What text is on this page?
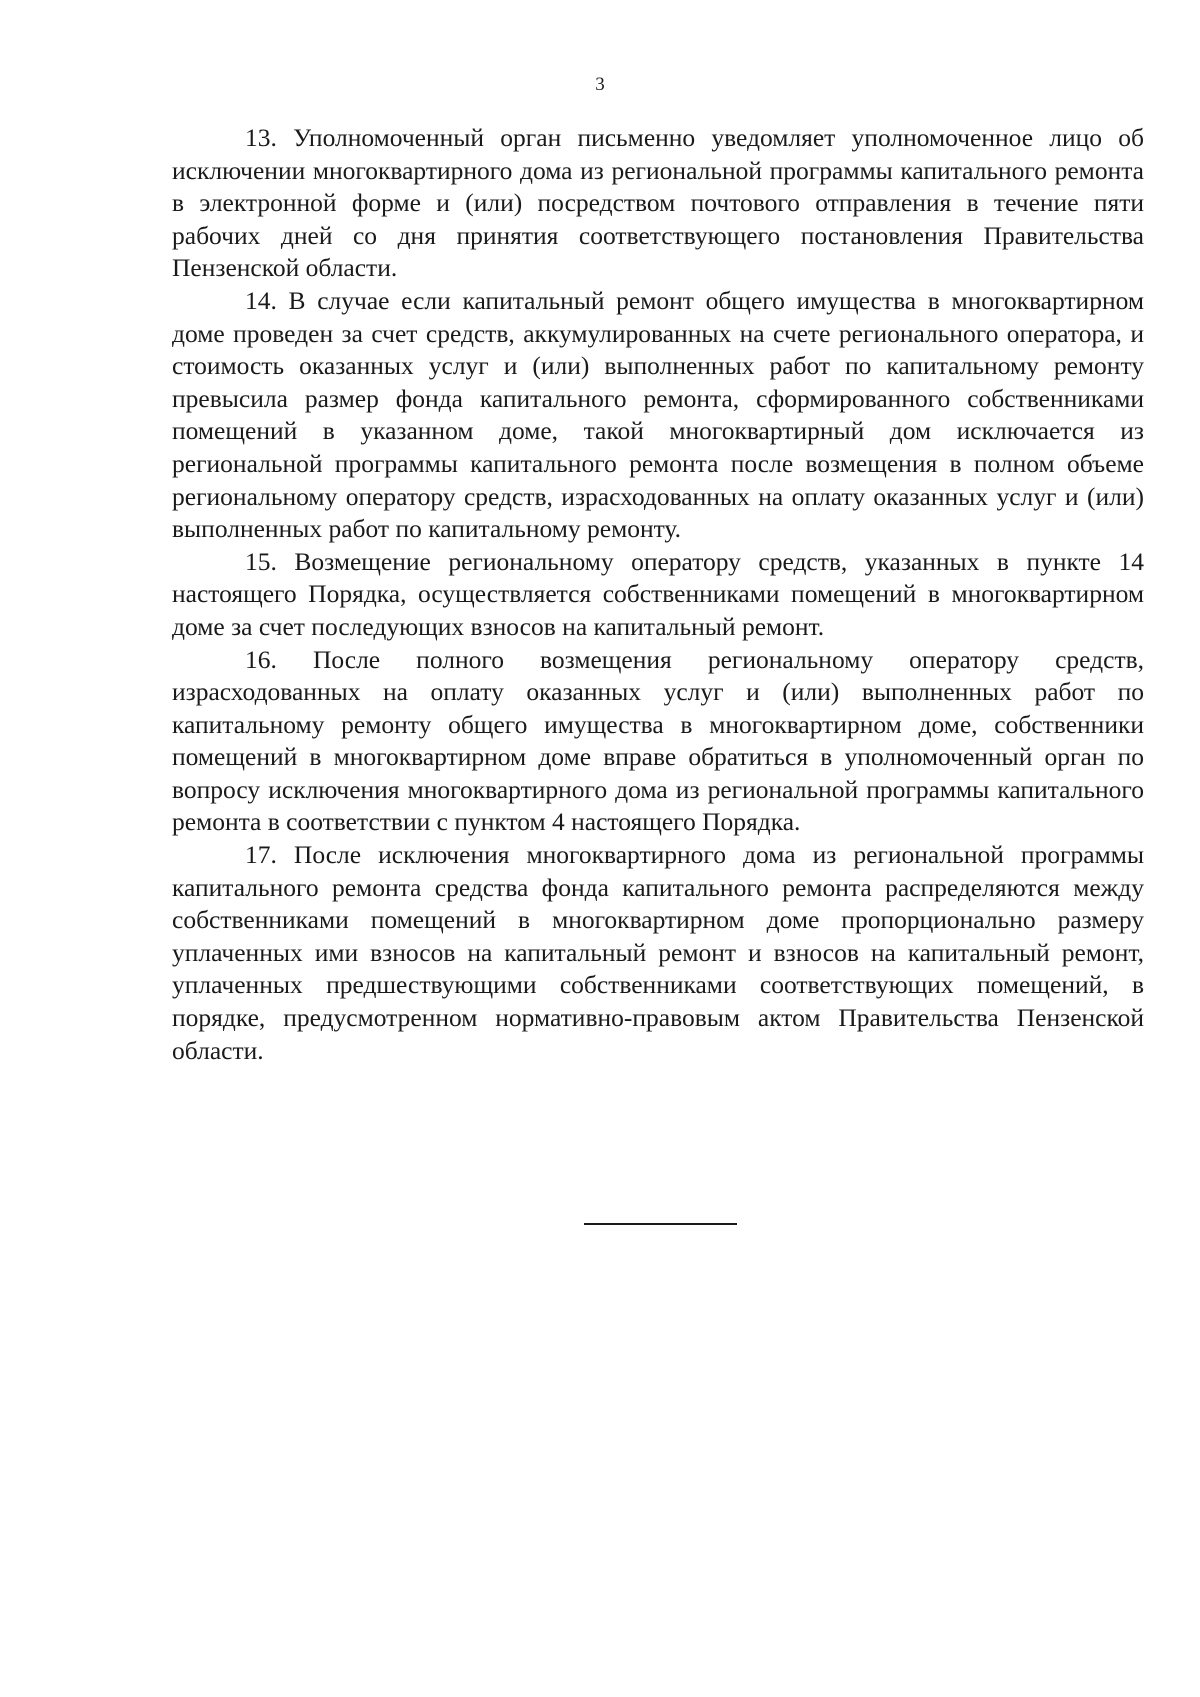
3

13. Уполномоченный орган письменно уведомляет уполномоченное лицо об исключении многоквартирного дома из региональной программы капитального ремонта в электронной форме и (или) посредством почтового отправления в течение пяти рабочих дней со дня принятия соответствующего постановления Правительства Пензенской области.

14. В случае если капитальный ремонт общего имущества в многоквартирном доме проведен за счет средств, аккумулированных на счете регионального оператора, и стоимость оказанных услуг и (или) выполненных работ по капитальному ремонту превысила размер фонда капитального ремонта, сформированного собственниками помещений в указанном доме, такой многоквартирный дом исключается из региональной программы капитального ремонта после возмещения в полном объеме региональному оператору средств, израсходованных на оплату оказанных услуг и (или) выполненных работ по капитальному ремонту.

15. Возмещение региональному оператору средств, указанных в пункте 14 настоящего Порядка, осуществляется собственниками помещений в многоквартирном доме за счет последующих взносов на капитальный ремонт.

16. После полного возмещения региональному оператору средств, израсходованных на оплату оказанных услуг и (или) выполненных работ по капитальному ремонту общего имущества в многоквартирном доме, собственники помещений в многоквартирном доме вправе обратиться в уполномоченный орган по вопросу исключения многоквартирного дома из региональной программы капитального ремонта в соответствии с пунктом 4 настоящего Порядка.

17. После исключения многоквартирного дома из региональной программы капитального ремонта средства фонда капитального ремонта распределяются между собственниками помещений в многоквартирном доме пропорционально размеру уплаченных ими взносов на капитальный ремонт и взносов на капитальный ремонт, уплаченных предшествующими собственниками соответствующих помещений, в порядке, предусмотренном нормативно-правовым актом Правительства Пензенской области.
